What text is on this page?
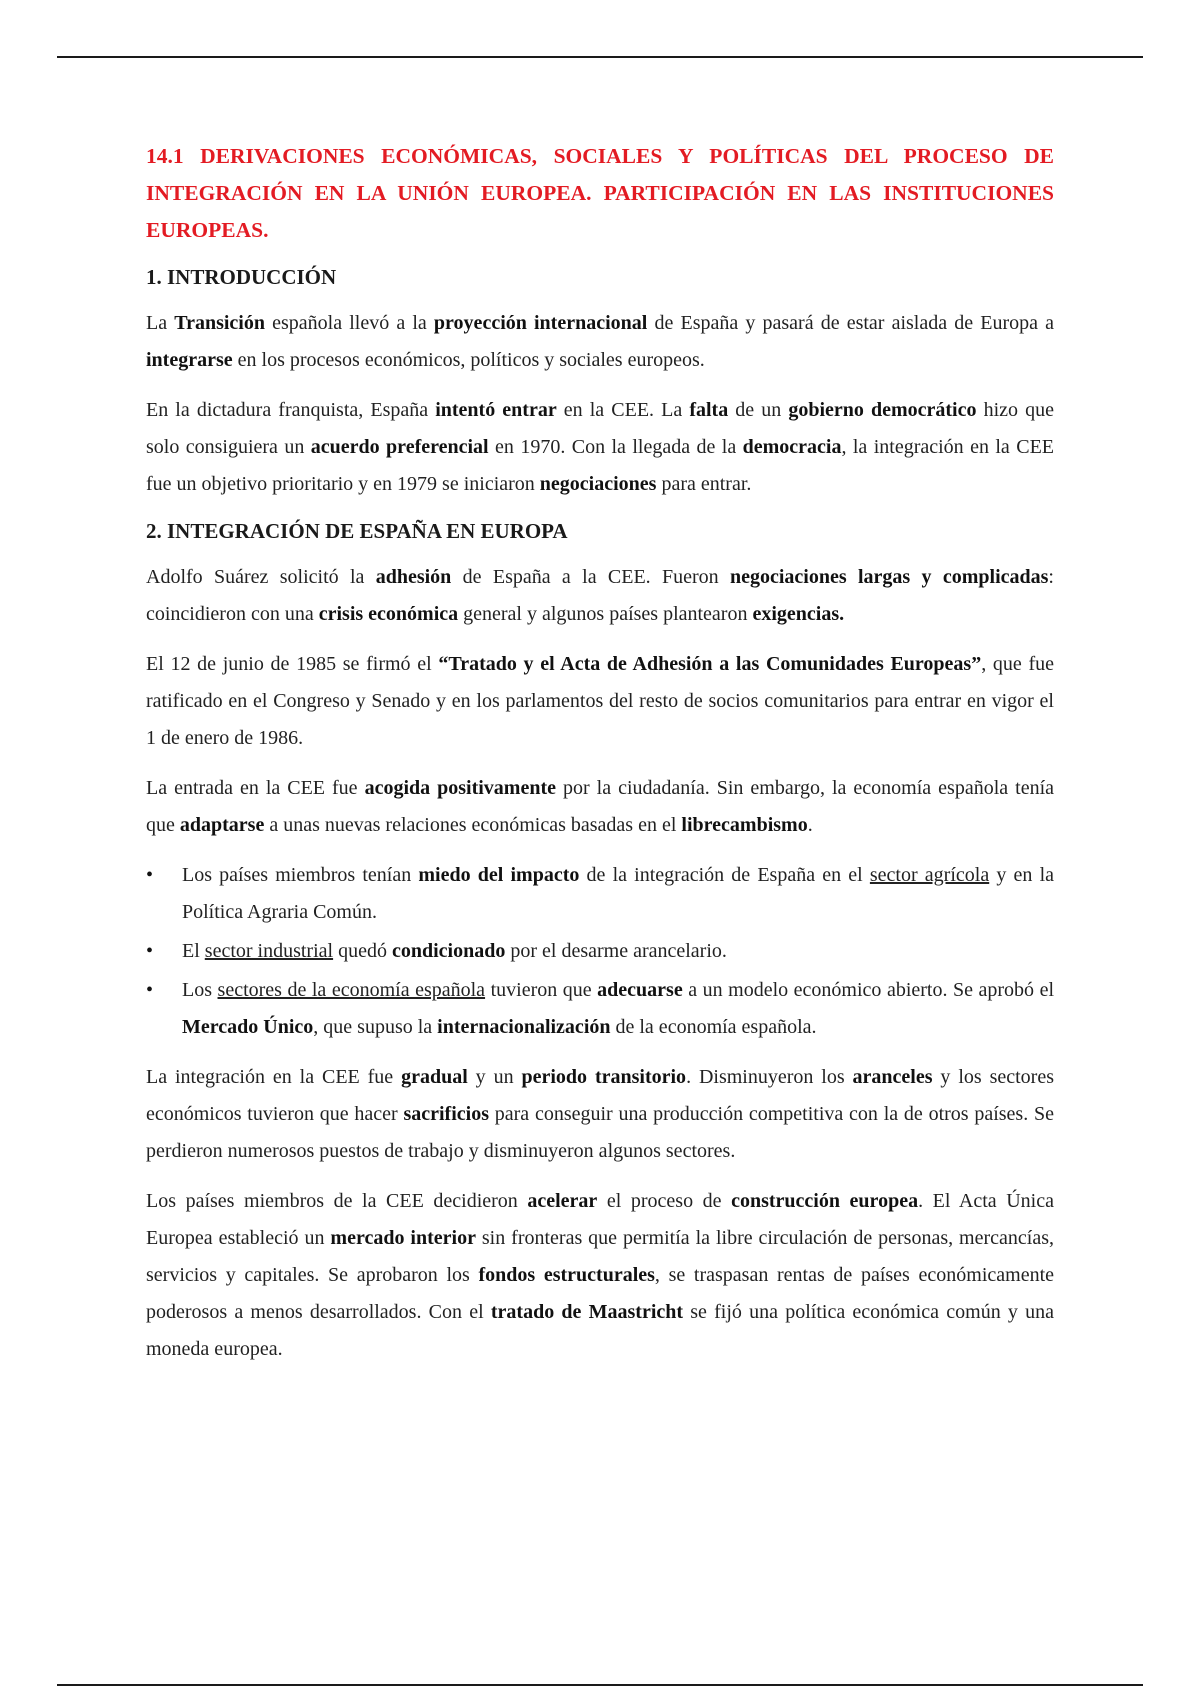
14.1 DERIVACIONES ECONÓMICAS, SOCIALES Y POLÍTICAS DEL PROCESO DE INTEGRACIÓN EN LA UNIÓN EUROPEA. PARTICIPACIÓN EN LAS INSTITUCIONES EUROPEAS.
1. INTRODUCCIÓN

La Transición española llevó a la proyección internacional de España y pasará de estar aislada de Europa a integrarse en los procesos económicos, políticos y sociales europeos.

En la dictadura franquista, España intentó entrar en la CEE. La falta de un gobierno democrático hizo que solo consiguiera un acuerdo preferencial en 1970. Con la llegada de la democracia, la integración en la CEE fue un objetivo prioritario y en 1979 se iniciaron negociaciones para entrar.

2. INTEGRACIÓN DE ESPAÑA EN EUROPA

Adolfo Suárez solicitó la adhesión de España a la CEE. Fueron negociaciones largas y complicadas: coincidieron con una crisis económica general y algunos países plantearon exigencias.

El 12 de junio de 1985 se firmó el “Tratado y el Acta de Adhesión a las Comunidades Europeas”, que fue ratificado en el Congreso y Senado y en los parlamentos del resto de socios comunitarios para entrar en vigor el 1 de enero de 1986.

La entrada en la CEE fue acogida positivamente por la ciudadanía. Sin embargo, la economía española tenía que adaptarse a unas nuevas relaciones económicas basadas en el librecambismo.

• Los países miembros tenían miedo del impacto de la integración de España en el sector agrícola y en la Política Agraria Común.
• El sector industrial quedó condicionado por el desarme arancelario.
• Los sectores de la economía española tuvieron que adecuarse a un modelo económico abierto. Se aprobó el Mercado Único, que supuso la internacionalización de la economía española.

La integración en la CEE fue gradual y un periodo transitorio. Disminuyeron los aranceles y los sectores económicos tuvieron que hacer sacrificios para conseguir una producción competitiva con la de otros países. Se perdieron numerosos puestos de trabajo y disminuyeron algunos sectores.

Los países miembros de la CEE decidieron acelerar el proceso de construcción europea. El Acta Única Europea estableció un mercado interior sin fronteras que permitía la libre circulación de personas, mercancías, servicios y capitales. Se aprobaron los fondos estructurales, se traspasan rentas de países económicamente poderosos a menos desarrollados. Con el tratado de Maastricht se fijó una política económica común y una moneda europea.
